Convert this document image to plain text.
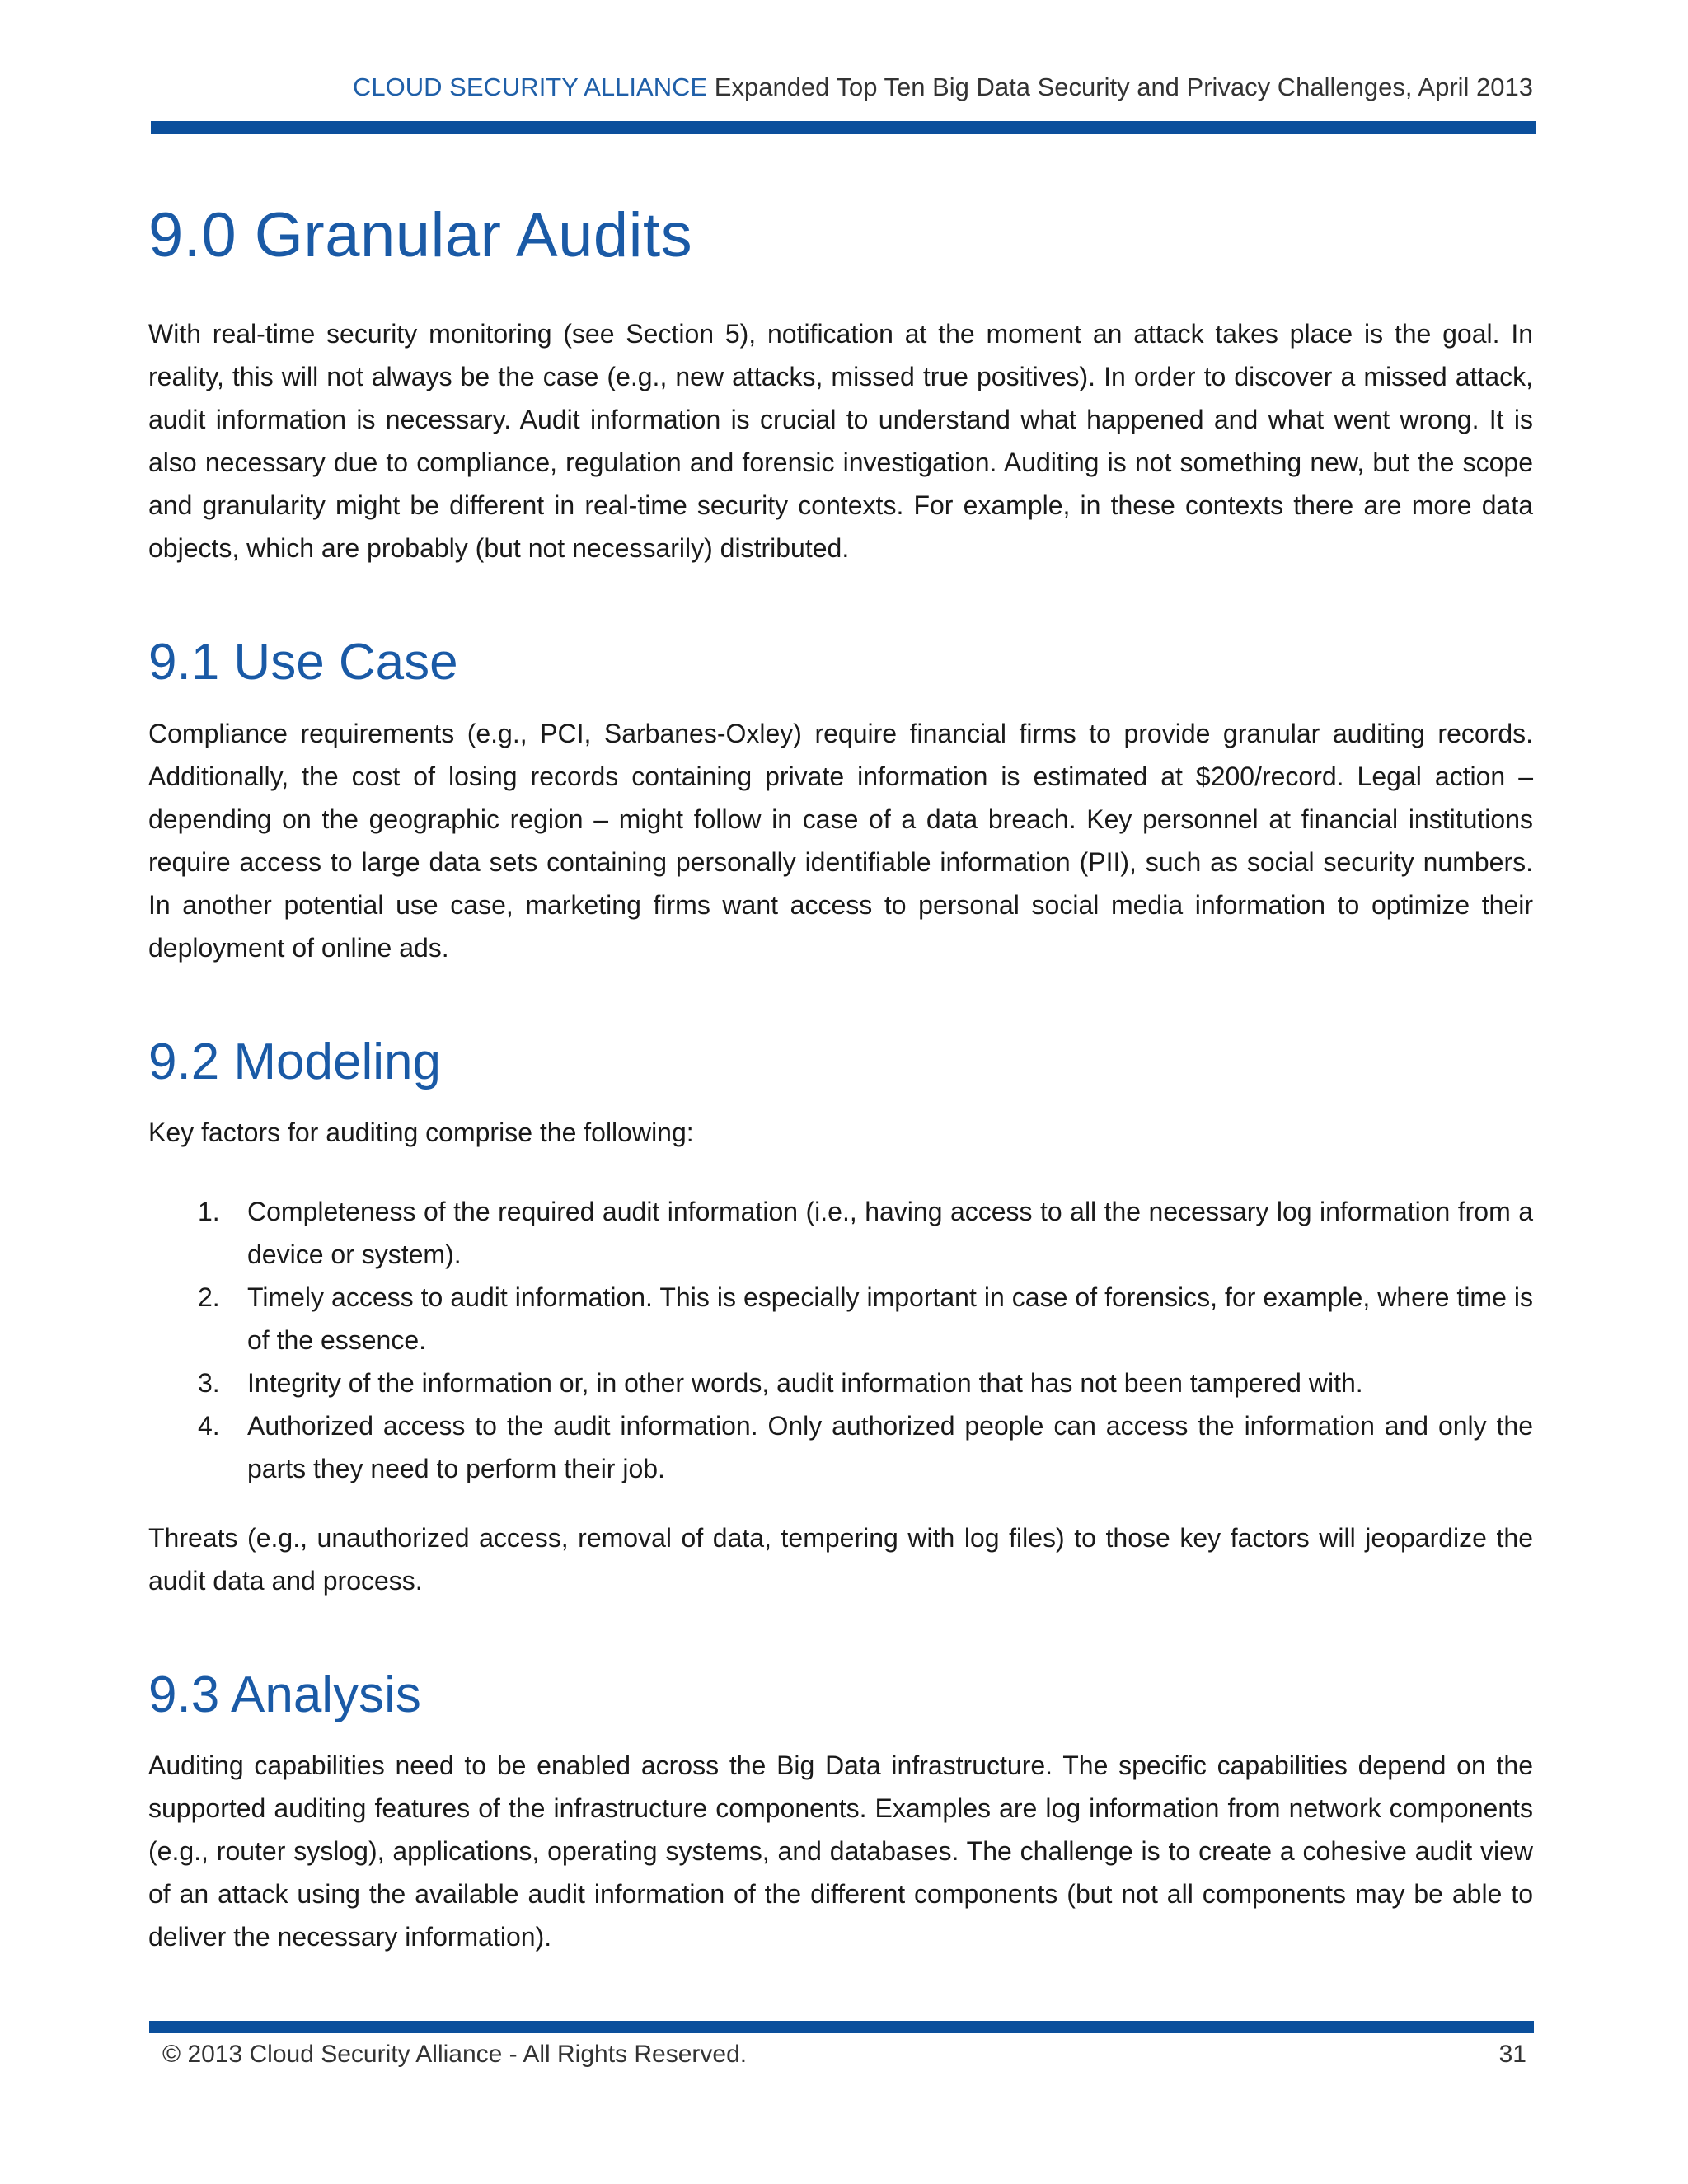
CLOUD SECURITY ALLIANCE Expanded Top Ten Big Data Security and Privacy Challenges, April 2013
9.0 Granular Audits

With real-time security monitoring (see Section 5), notification at the moment an attack takes place is the goal. In reality, this will not always be the case (e.g., new attacks, missed true positives). In order to discover a missed attack, audit information is necessary. Audit information is crucial to understand what happened and what went wrong. It is also necessary due to compliance, regulation and forensic investigation. Auditing is not something new, but the scope and granularity might be different in real-time security contexts. For example, in these contexts there are more data objects, which are probably (but not necessarily) distributed.

9.1 Use Case

Compliance requirements (e.g., PCI, Sarbanes-Oxley) require financial firms to provide granular auditing records. Additionally, the cost of losing records containing private information is estimated at $200/record. Legal action – depending on the geographic region – might follow in case of a data breach. Key personnel at financial institutions require access to large data sets containing personally identifiable information (PII), such as social security numbers. In another potential use case, marketing firms want access to personal social media information to optimize their deployment of online ads.

9.2 Modeling

Key factors for auditing comprise the following:

1. Completeness of the required audit information (i.e., having access to all the necessary log information from a device or system).
2. Timely access to audit information. This is especially important in case of forensics, for example, where time is of the essence.
3. Integrity of the information or, in other words, audit information that has not been tampered with.
4. Authorized access to the audit information. Only authorized people can access the information and only the parts they need to perform their job.

Threats (e.g., unauthorized access, removal of data, tempering with log files) to those key factors will jeopardize the audit data and process.

9.3 Analysis

Auditing capabilities need to be enabled across the Big Data infrastructure. The specific capabilities depend on the supported auditing features of the infrastructure components. Examples are log information from network components (e.g., router syslog), applications, operating systems, and databases. The challenge is to create a cohesive audit view of an attack using the available audit information of the different components (but not all components may be able to deliver the necessary information).

© 2013 Cloud Security Alliance - All Rights Reserved.	31
